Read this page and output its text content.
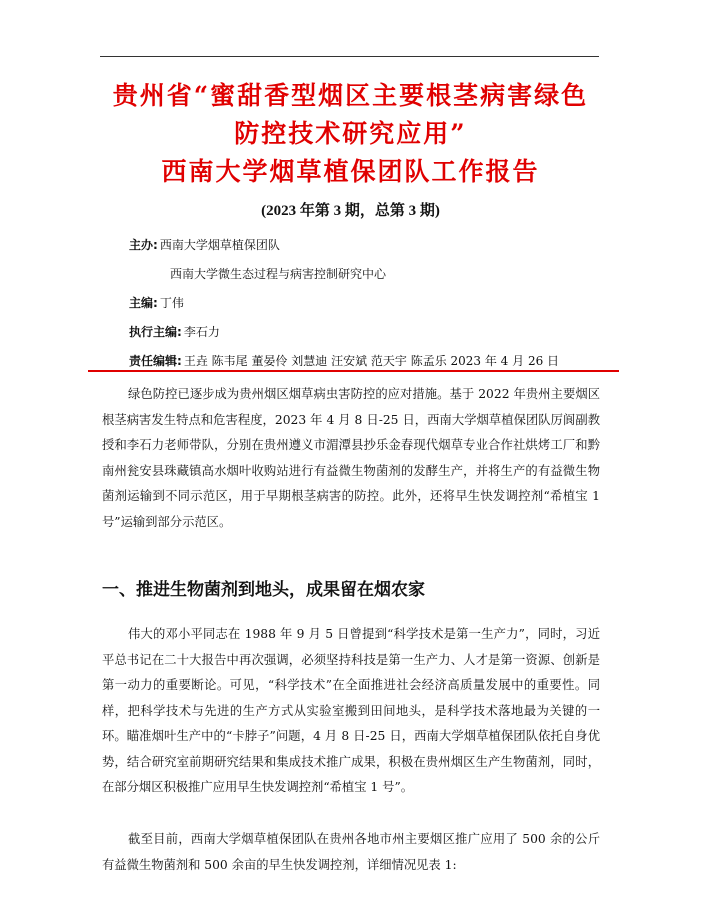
贵州省“蜜甜香型烟区主要根茎病害绿色
防控技术研究应用”
西南大学烟草植保团队工作报告
(2023 年第 3 期，总第 3 期)
主办: 西南大学烟草植保团队
西南大学微生态过程与病害控制研究中心
主编: 丁伟
执行主编: 李石力
责任编辑: 王垚 陈韦尾 董晏伶 刘慧迪 汪安斌 范天宇 陈孟乐 2023 年 4 月 26 日

绿色防控已逐步成为贵州烟区烟草病虫害防控的应对措施。基于 2022 年贵州主要烟区根茎病害发生特点和危害程度，2023 年 4 月 8 日-25 日，西南大学烟草植保团队厉阆副教授和李石力老师带队，分别在贵州遵义市湄潭县抄乐金春现代烟草专业合作社烘烤工厂和黔南州瓮安县珠藏镇高水烟叶收购站进行有益微生物菌剂的发酵生产，并将生产的有益微生物菌剂运输到不同示范区，用于早期根茎病害的防控。此外，还将早生快发调控剂“希植宝 1 号”运输到部分示范区。

一、推进生物菌剂到地头，成果留在烟农家

伟大的邓小平同志在 1988 年 9 月 5 日曾提到“科学技术是第一生产力”，同时，习近平总书记在二十大报告中再次强调，必须坚持科技是第一生产力、人才是第一资源、创新是第一动力的重要断论。可见，“科学技术”在全面推进社会经济高质量发展中的重要性。同样，把科学技术与先进的生产方式从实验室搬到田间地头，是科学技术落地最为关键的一环。瞄准烟叶生产中的“卡脖子”问题，4 月 8 日-25 日，西南大学烟草植保团队依托自身优势，结合研究室前期研究结果和集成技术推广成果，积极在贵州烟区生产生物菌剂，同时，在部分烟区积极推广应用早生快发调控剂“希植宝 1 号”。

截至目前，西南大学烟草植保团队在贵州各地市州主要烟区推广应用了 500 余的公斤有益微生物菌剂和 500 余亩的早生快发调控剂，详细情况见表 1:
